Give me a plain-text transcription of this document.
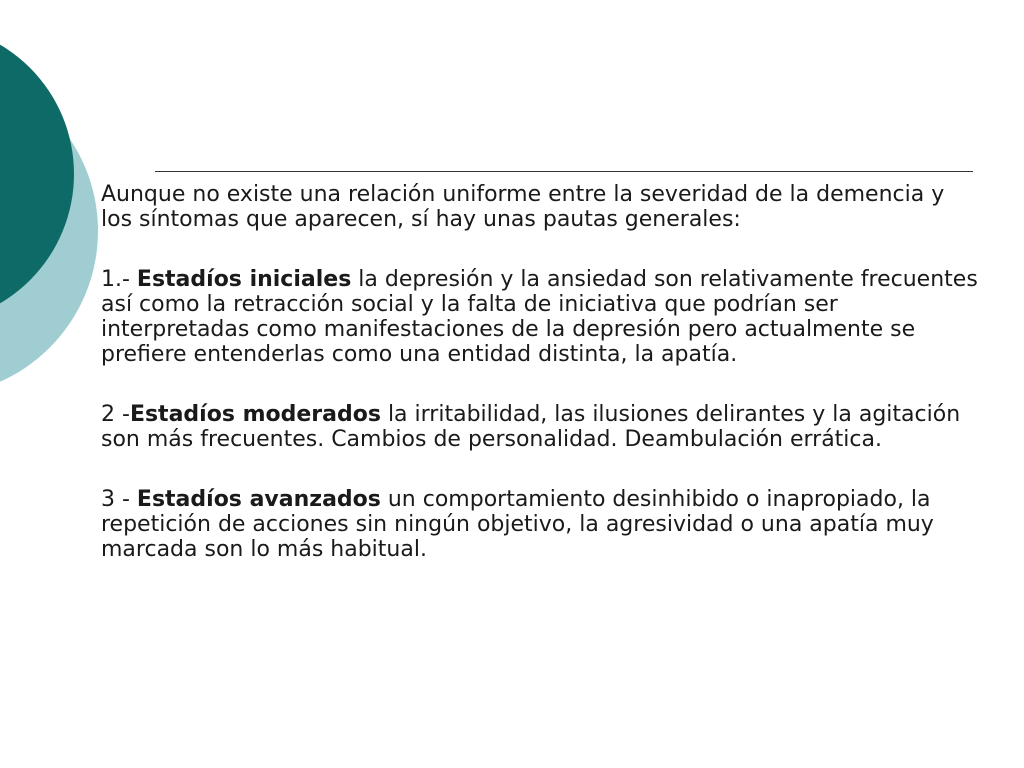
Aunque no existe una relación uniforme entre la severidad de la demencia y los síntomas que aparecen, sí hay unas pautas generales:

1.- Estadíos iniciales la depresión y la ansiedad son relativamente frecuentes así como la retracción social y la falta de iniciativa que podrían ser interpretadas como manifestaciones de la depresión pero actualmente se prefiere entenderlas como una entidad distinta, la apatía.

2 -Estadíos moderados la irritabilidad, las ilusiones delirantes y la agitación son más frecuentes. Cambios de personalidad. Deambulación errática.

3 - Estadíos avanzados un comportamiento desinhibido o inapropiado, la repetición de acciones sin ningún objetivo, la agresividad o una apatía muy marcada son lo más habitual.
